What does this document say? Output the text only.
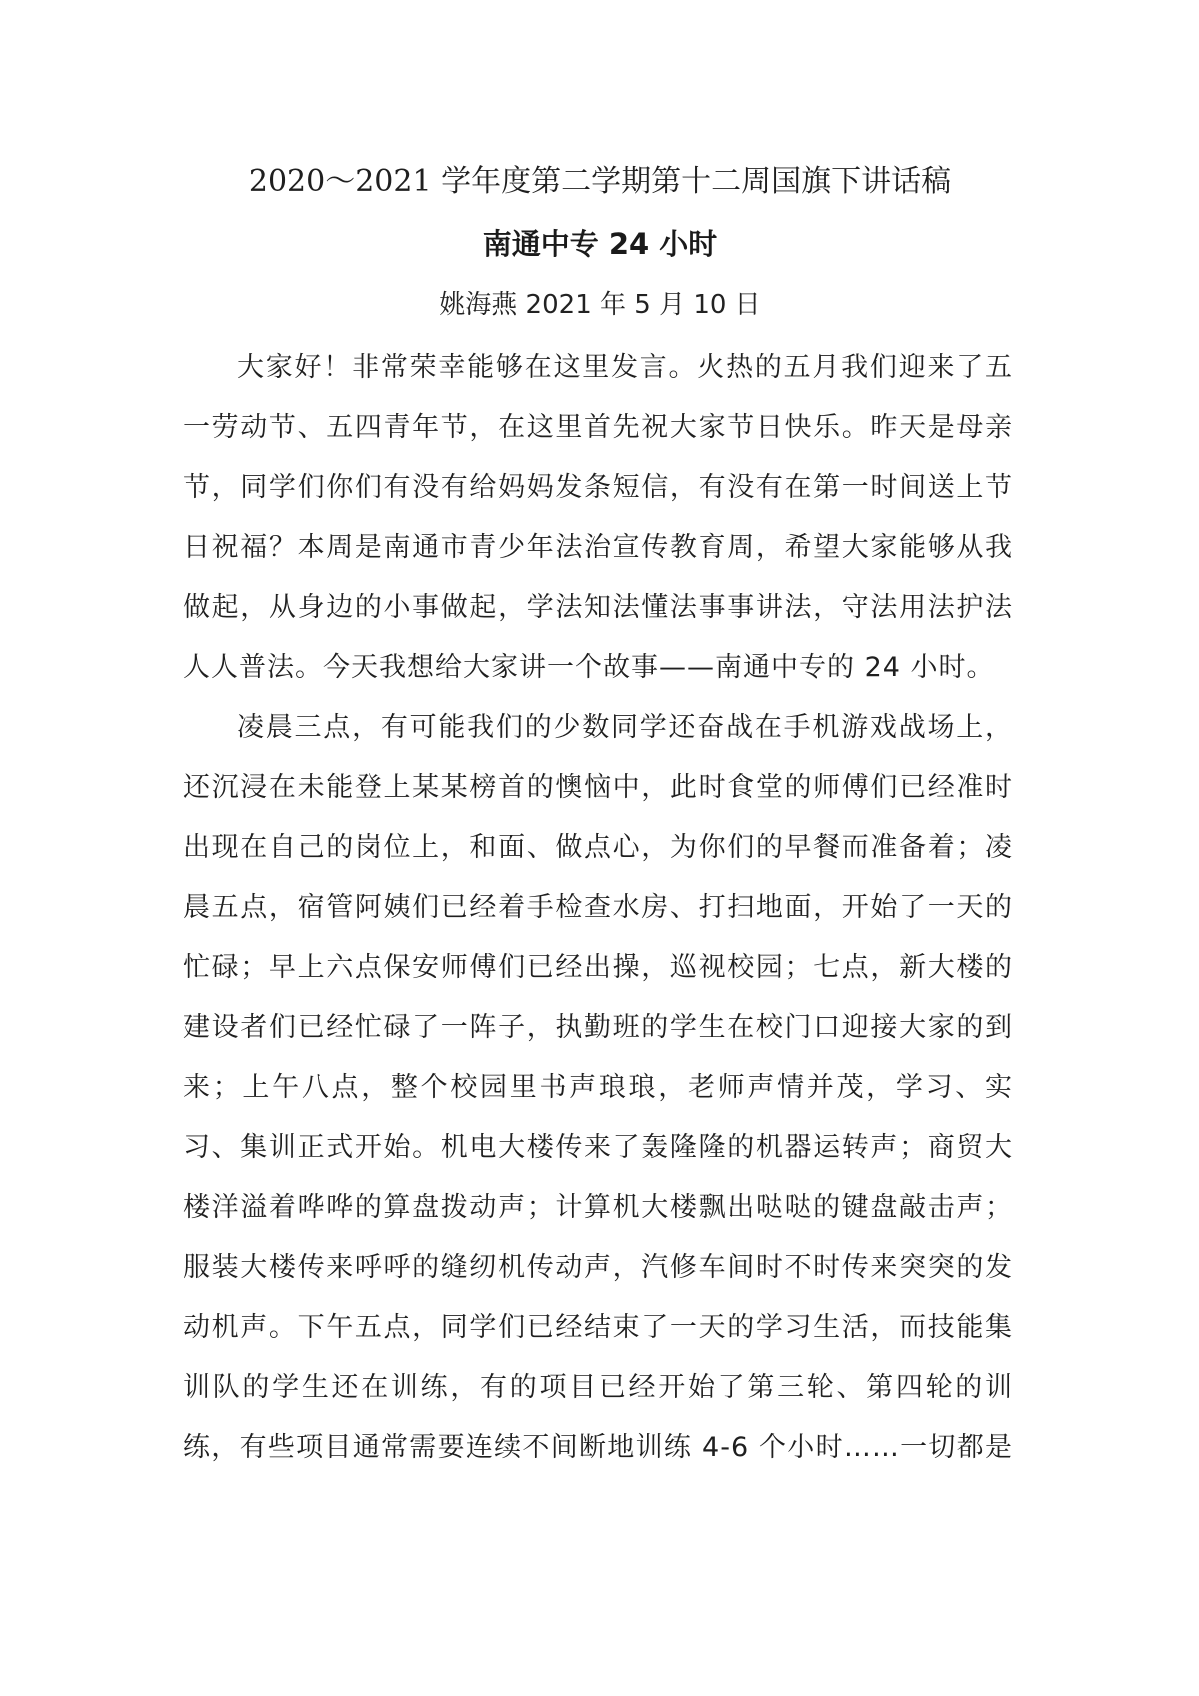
2020～2021 学年度第二学期第十二周国旗下讲话稿
南通中专 24 小时
姚海燕 2021 年 5 月 10 日
大家好！非常荣幸能够在这里发言。火热的五月我们迎来了五
一劳动节、五四青年节，在这里首先祝大家节日快乐。昨天是母亲
节，同学们你们有没有给妈妈发条短信，有没有在第一时间送上节
日祝福？本周是南通市青少年法治宣传教育周，希望大家能够从我
做起，从身边的小事做起，学法知法懂法事事讲法，守法用法护法
人人普法。今天我想给大家讲一个故事——南通中专的 24 小时。
凌晨三点，有可能我们的少数同学还奋战在手机游戏战场上，
还沉浸在未能登上某某榜首的懊恼中，此时食堂的师傅们已经准时
出现在自己的岗位上，和面、做点心，为你们的早餐而准备着；凌
晨五点，宿管阿姨们已经着手检查水房、打扫地面，开始了一天的
忙碌；早上六点保安师傅们已经出操，巡视校园；七点，新大楼的
建设者们已经忙碌了一阵子，执勤班的学生在校门口迎接大家的到
来；上午八点，整个校园里书声琅琅，老师声情并茂，学习、实
习、集训正式开始。机电大楼传来了轰隆隆的机器运转声；商贸大
楼洋溢着哗哗的算盘拨动声；计算机大楼飘出哒哒的键盘敲击声；
服装大楼传来呼呼的缝纫机传动声，汽修车间时不时传来突突的发
动机声。下午五点，同学们已经结束了一天的学习生活，而技能集
训队的学生还在训练，有的项目已经开始了第三轮、第四轮的训
练，有些项目通常需要连续不间断地训练 4-6 个小时……一切都是
